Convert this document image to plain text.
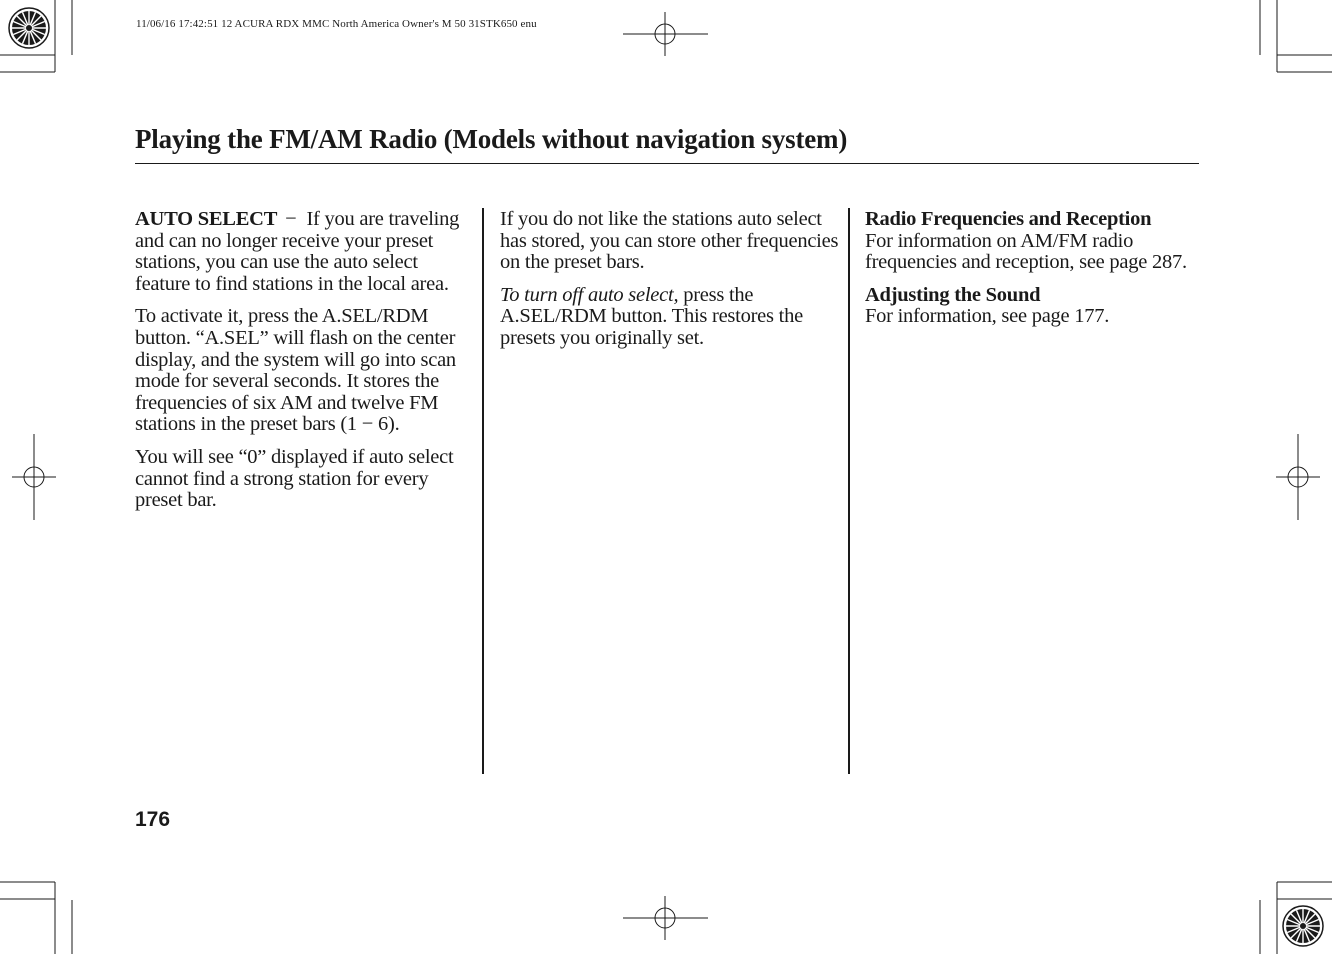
11/06/16 17:42:51 12 ACURA RDX MMC North America Owner's M 50 31STK650 enu
Playing the FM/AM Radio (Models without navigation system)

AUTO SELECT − If you are traveling and can no longer receive your preset stations, you can use the auto select feature to find stations in the local area.

To activate it, press the A.SEL/RDM button. “A.SEL” will flash on the center display, and the system will go into scan mode for several seconds. It stores the frequencies of six AM and twelve FM stations in the preset bars (1 − 6).

You will see “0” displayed if auto select cannot find a strong station for every preset bar.

If you do not like the stations auto select has stored, you can store other frequencies on the preset bars.

To turn off auto select, press the A.SEL/RDM button. This restores the presets you originally set.

Radio Frequencies and Reception
For information on AM/FM radio frequencies and reception, see page 287.

Adjusting the Sound
For information, see page 177.

176
